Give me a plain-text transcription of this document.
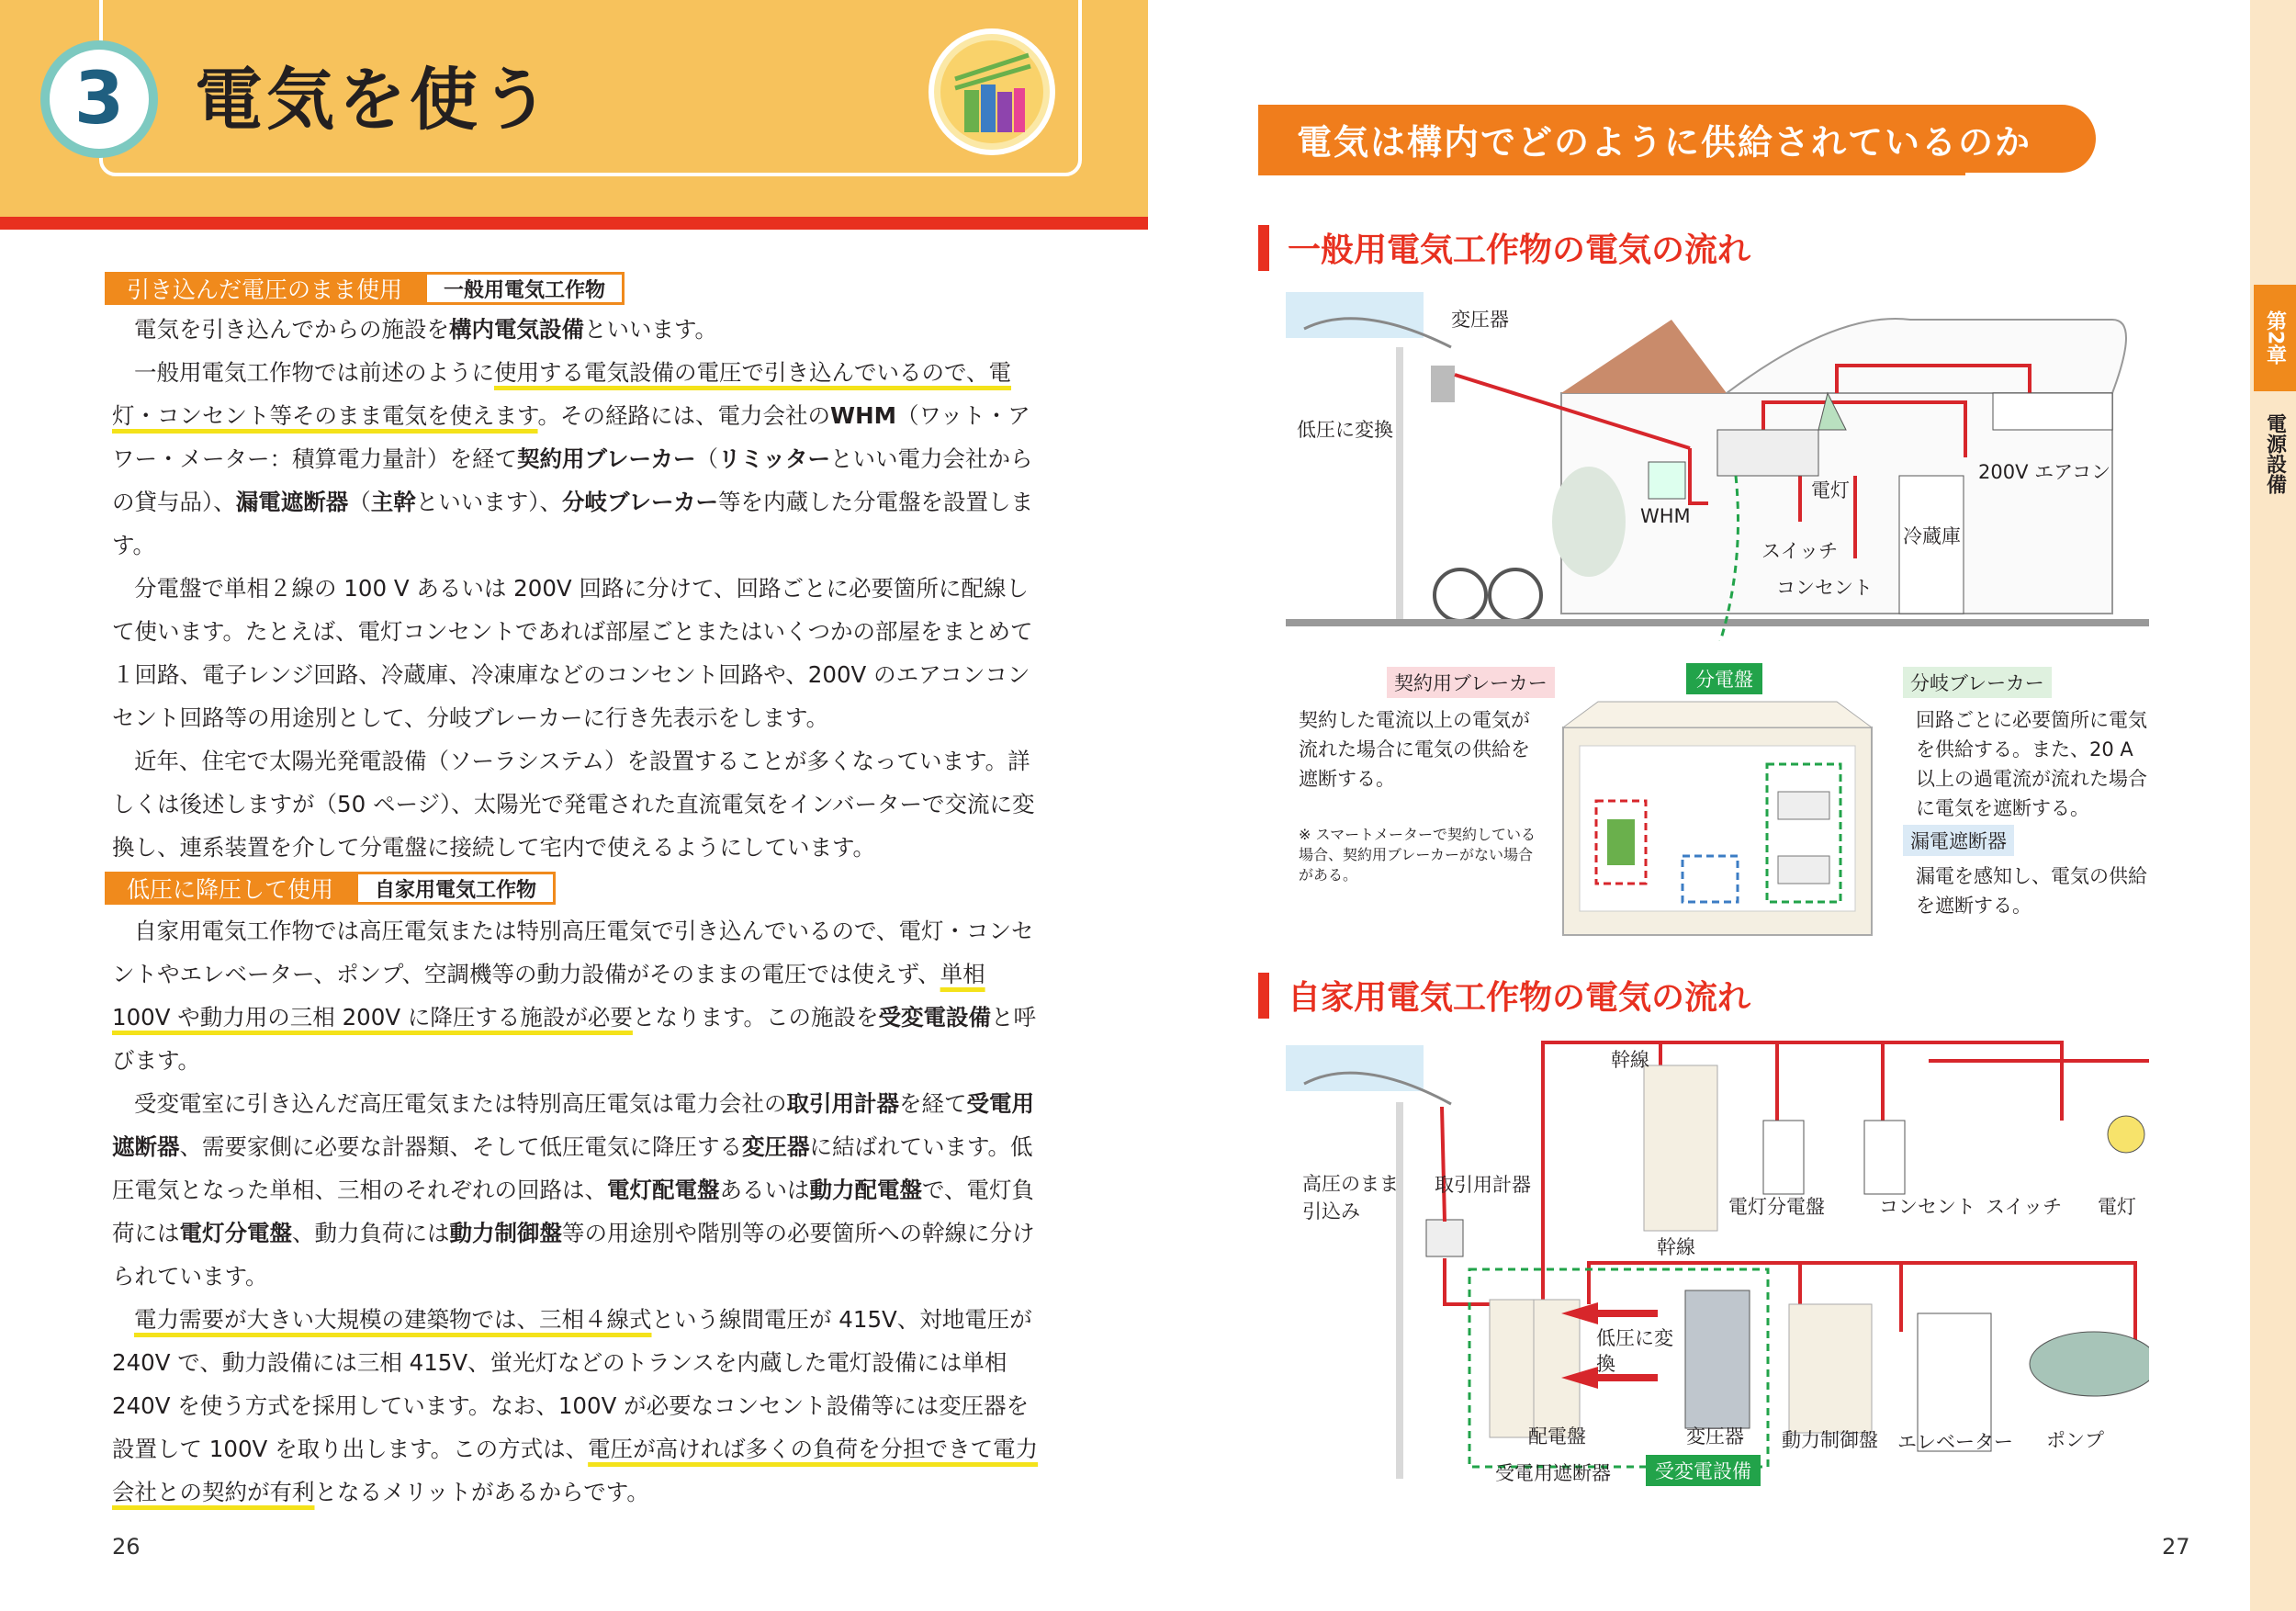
3 電気を使う
引き込んだ電圧のまま使用	一般用電気工作物

電気を引き込んでからの施設を構内電気設備といいます。

一般用電気工作物では前述のように使用する電気設備の電圧で引き込んでいるので、電灯・コンセント等そのまま電気を使えます。その経路には、電力会社のWHM（ワット・アワー・メーター：積算電力量計）を経て契約用ブレーカー（リミッターといい電力会社からの貸与品）、漏電遮断器（主幹といいます）、分岐ブレーカー等を内蔵した分電盤を設置します。

分電盤で単相２線の 100 V あるいは 200V 回路に分けて、回路ごとに必要箇所に配線して使います。たとえば、電灯コンセントであれば部屋ごとまたはいくつかの部屋をまとめて１回路、電子レンジ回路、冷蔵庫、冷凍庫などのコンセント回路や、200V のエアコンコンセント回路等の用途別として、分岐ブレーカーに行き先表示をします。

近年、住宅で太陽光発電設備（ソーラシステム）を設置することが多くなっています。詳しくは後述しますが（50 ページ）、太陽光で発電された直流電気をインバーターで交流に変換し、連系装置を介して分電盤に接続して宅内で使えるようにしています。

低圧に降圧して使用	自家用電気工作物

自家用電気工作物では高圧電気または特別高圧電気で引き込んでいるので、電灯・コンセントやエレベーター、ポンプ、空調機等の動力設備がそのままの電圧では使えず、単相100V や動力用の三相 200V に降圧する施設が必要となります。この施設を受変電設備と呼びます。

受変電室に引き込んだ高圧電気または特別高圧電気は電力会社の取引用計器を経て受電用遮断器、需要家側に必要な計器類、そして低圧電気に降圧する変圧器に結ばれています。低圧電気となった単相、三相のそれぞれの回路は、電灯配電盤あるいは動力配電盤で、電灯負荷には電灯分電盤、動力負荷には動力制御盤等の用途別や階別等の必要箇所への幹線に分けられています。

電力需要が大きい大規模の建築物では、三相４線式という線間電圧が 415V、対地電圧が 240V で、動力設備には三相 415V、蛍光灯などのトランスを内蔵した電灯設備には単相 240V を使う方式を採用しています。なお、100V が必要なコンセント設備等には変圧器を設置して 100V を取り出します。この方式は、電圧が高ければ多くの負荷を分担できて電力会社との契約が有利となるメリットがあるからです。

26
電気は構内でどのように供給されているのか
一般用電気工作物の電気の流れ
変圧器
低圧に変換
WHM
スイッチ
電灯
200V エアコン
冷蔵庫
コンセント
契約用ブレーカー	分電盤	分岐ブレーカー
漏電遮断器
契約した電流以上の電気が流れた場合に電気の供給を遮断する。
※ スマートメーターで契約している場合、契約用ブレーカーがない場合がある。
回路ごとに必要箇所に電気を供給する。また、20 A 以上の過電流が流れた場合に電気を遮断する。
漏電を感知し、電気の供給を遮断する。
自家用電気工作物の電気の流れ
幹線
幹線
高圧のまま引込み
取引用計器
電灯分電盤	コンセント スイッチ 電灯
低圧に変換
配電盤	変圧器
受電用遮断器	受変電設備
動力制御盤 エレベーター ポンプ
27
第2章
電源設備
